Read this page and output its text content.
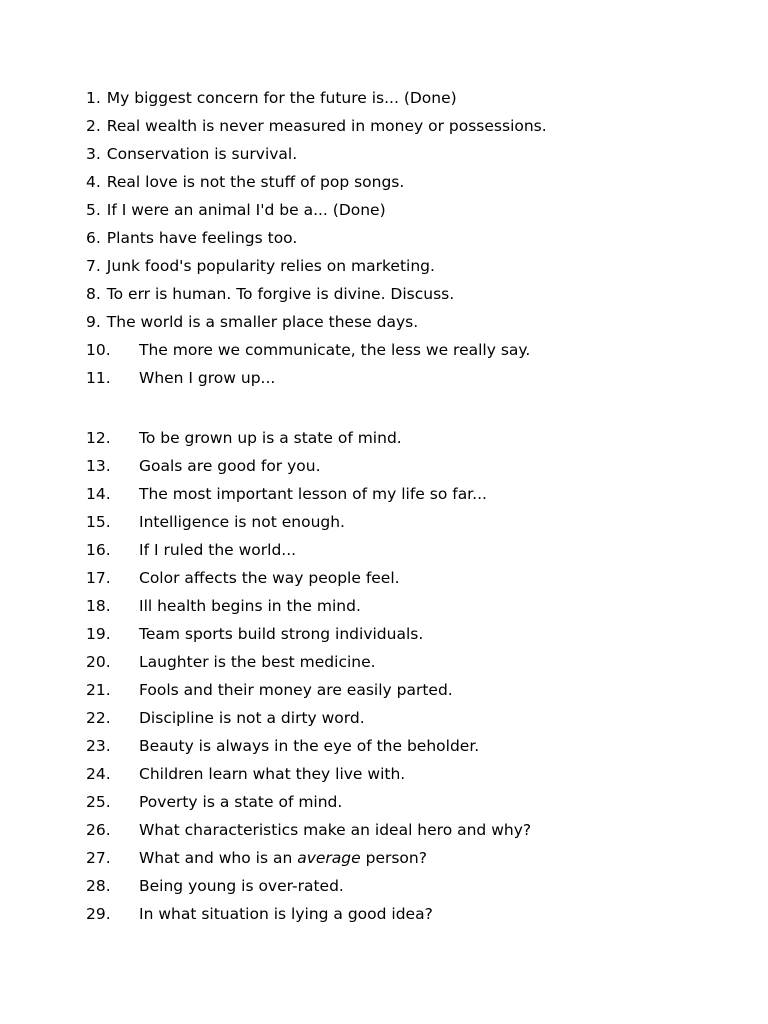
1. My biggest concern for the future is... (Done)
2. Real wealth is never measured in money or possessions.
3. Conservation is survival.
4. Real love is not the stuff of pop songs.
5. If I were an animal I'd be a... (Done)
6. Plants have feelings too.
7. Junk food's popularity relies on marketing.
8. To err is human. To forgive is divine. Discuss.
9. The world is a smaller place these days.
10.	The more we communicate, the less we really say.
11.	When I grow up...
12.	To be grown up is a state of mind.
13.	Goals are good for you.
14.	The most important lesson of my life so far...
15.	Intelligence is not enough.
16.	If I ruled the world...
17.	Color affects the way people feel.
18.	Ill health begins in the mind.
19.	Team sports build strong individuals.
20.	Laughter is the best medicine.
21.	Fools and their money are easily parted.
22.	Discipline is not a dirty word.
23.	Beauty is always in the eye of the beholder.
24.	Children learn what they live with.
25.	Poverty is a state of mind.
26.	What characteristics make an ideal hero and why?
27.	What and who is an average person?
28.	Being young is over-rated.
29.	In what situation is lying a good idea?
